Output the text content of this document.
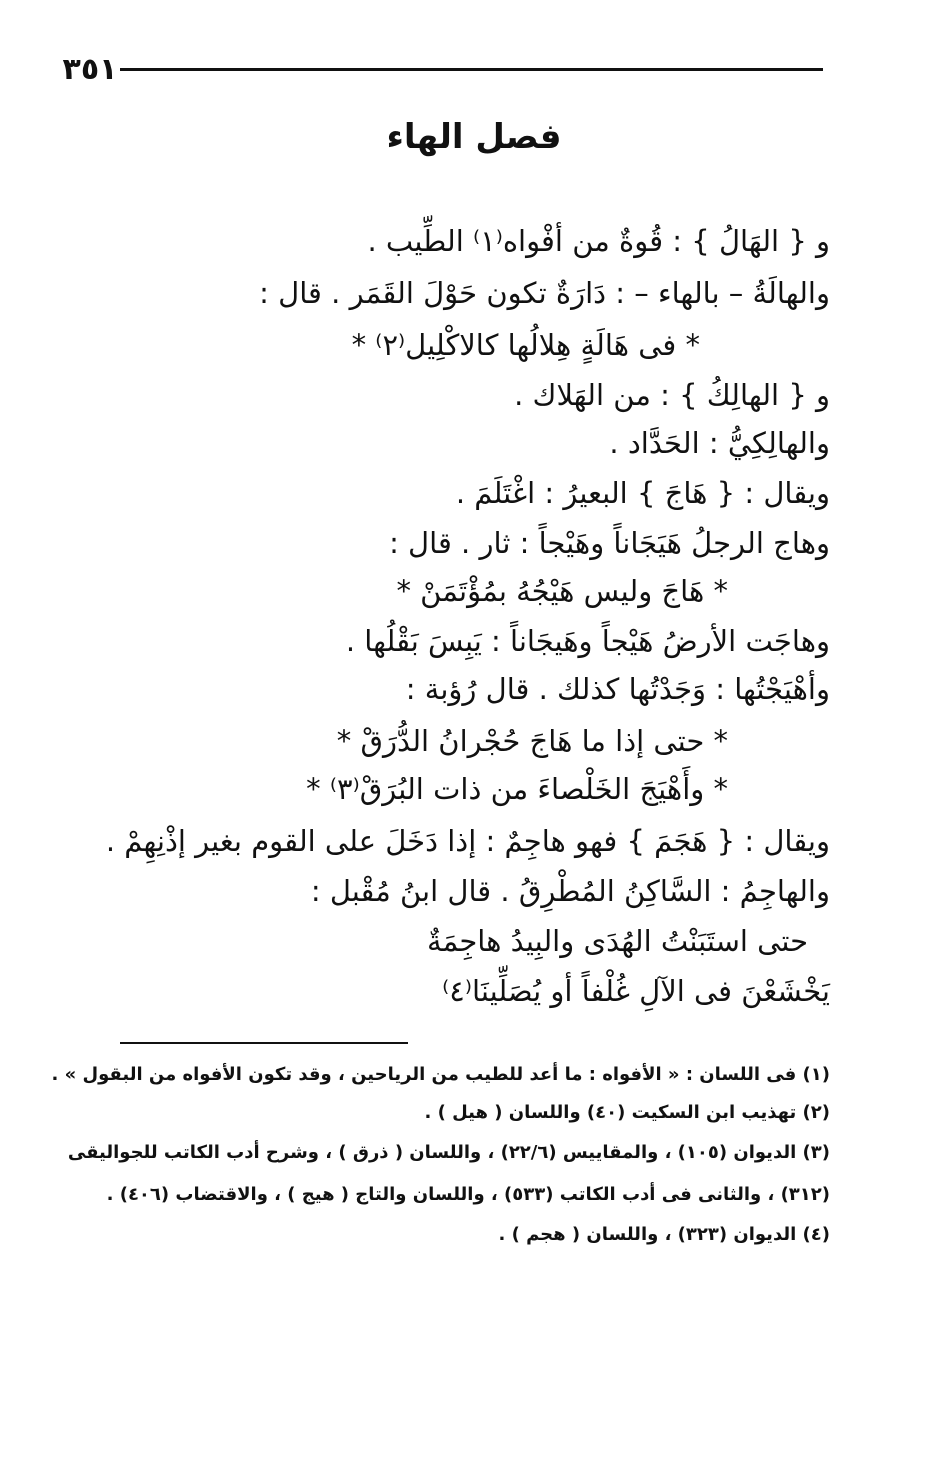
٣٥١
فصل الهاء
و { الهَالُ } : قُوةٌ من أفْواه⁽١⁾ الطِّيب .
والهالَةُ – بالهاء – : دَارَةٌ تكون حَوْلَ القَمَر . قال :
* فى هَالَةٍ هِلالُها كالاكْلِيل⁽٢⁾ *
و { الهالِكُ } : من الهَلاك .
والهالِكِيُّ : الحَدَّاد .
ويقال : { هَاجَ } البعيرُ : اغْتَلَمَ .
وهاج الرجلُ هَيَجَاناً وهَيْجاً : ثار . قال :
* هَاجَ وليس هَيْجُهُ بمُؤْتَمَنْ *
وهاجَت الأرضُ هَيْجاً وهَيجَاناً : يَبِسَ بَقْلُها .
وأهْيَجْتُها : وَجَدْتُها كذلك . قال رُؤبة :
* حتى إذا ما هَاجَ حُجْرانُ الدُّرَقْ *
* وأَهْيَجَ الخَلْصاءَ من ذات البُرَقْ⁽٣⁾ *
ويقال : { هَجَمَ } فهو هاجِمٌ : إذا دَخَلَ على القوم بغير إذْنِهِمْ .
والهاجِمُ : السَّاكِنُ المُطْرِقُ . قال ابنُ مُقْبل :
حتى استَبَنْتُ الهُدَى والبِيدُ هاجِمَةٌ
يَخْشَعْنَ فى الآلِ غُلْفاً أو يُصَلِّينَا⁽٤⁾
(١) فى اللسان : « الأفواه : ما أعد للطيب من الرياحين ، وقد تكون الأفواه من البقول » .
(٢) تهذيب ابن السكيت (٤٠) واللسان ( هيل ) .
(٣) الديوان (١٠٥) ، والمقاييس (٢٢/٦) ، واللسان ( ذرق ) ، وشرح أدب الكاتب للجواليقى
(٣١٢) ، والثانى فى أدب الكاتب (٥٣٣) ، واللسان والتاج ( هيج ) ، والاقتضاب (٤٠٦) .
(٤) الديوان (٣٢٣) ، واللسان ( هجم ) .
